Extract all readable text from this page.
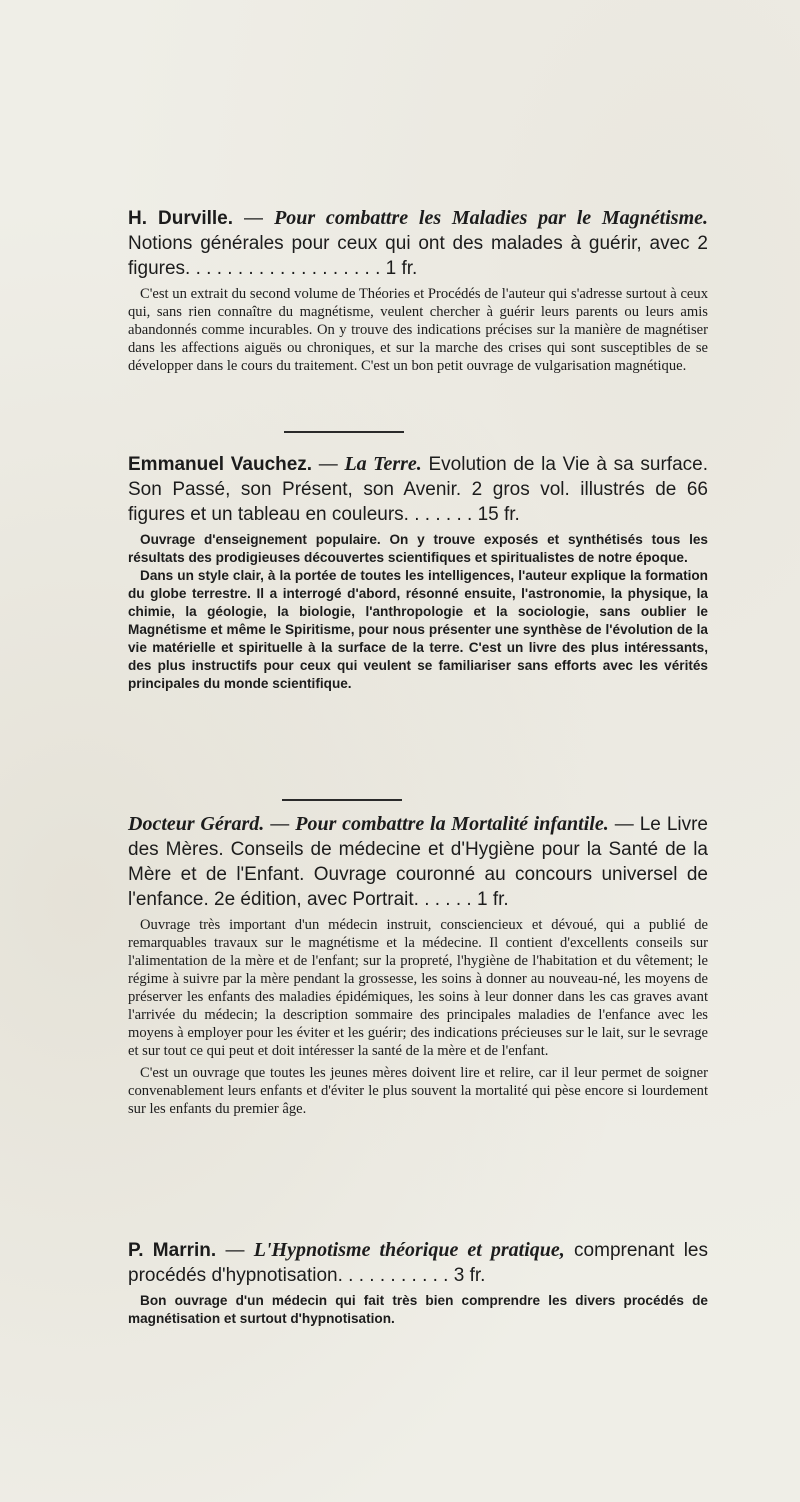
H. Durville. — Pour combattre les Maladies par le Magnétisme. Notions générales pour ceux qui ont des malades à guérir, avec 2 figures. . . . . . . . . . . . . . . . . . . 1 fr.

C'est un extrait du second volume de Théories et Procédés de l'auteur qui s'adresse surtout à ceux qui, sans rien connaître du magnétisme, veulent chercher à guérir leurs parents ou leurs amis abandonnés comme incurables. On y trouve des indications précises sur la manière de magnétiser dans les affections aiguës ou chroniques, et sur la marche des crises qui sont susceptibles de se développer dans le cours du traitement. C'est un bon petit ouvrage de vulgarisation magnétique.

Emmanuel Vauchez. — La Terre. Evolution de la Vie à sa surface. Son Passé, son Présent, son Avenir. 2 gros vol. illustrés de 66 figures et un tableau en couleurs. . . . . . . 15 fr.

Ouvrage d'enseignement populaire. On y trouve exposés et synthétisés tous les résultats des prodigieuses découvertes scientifiques et spiritualistes de notre époque.

Dans un style clair, à la portée de toutes les intelligences, l'auteur explique la formation du globe terrestre. Il a interrogé d'abord, résonné ensuite, l'astronomie, la physique, la chimie, la géologie, la biologie, l'anthropologie et la sociologie, sans oublier le Magnétisme et même le Spiritisme, pour nous présenter une synthèse de l'évolution de la vie matérielle et spirituelle à la surface de la terre. C'est un livre des plus intéressants, des plus instructifs pour ceux qui veulent se familiariser sans efforts avec les vérités principales du monde scientifique.

Docteur Gérard. — Pour combattre la Mortalité infantile. — Le Livre des Mères. Conseils de médecine et d'Hygiène pour la Santé de la Mère et de l'Enfant. Ouvrage couronné au concours universel de l'enfance. 2e édition, avec Portrait. . . . . . 1 fr.

Ouvrage très important d'un médecin instruit, consciencieux et dévoué, qui a publié de remarquables travaux sur le magnétisme et la médecine. Il contient d'excellents conseils sur l'alimentation de la mère et de l'enfant; sur la propreté, l'hygiène de l'habitation et du vêtement; le régime à suivre par la mère pendant la grossesse, les soins à donner au nouveau-né, les moyens de préserver les enfants des maladies épidémiques, les soins à leur donner dans les cas graves avant l'arrivée du médecin; la description sommaire des principales maladies de l'enfance avec les moyens à employer pour les éviter et les guérir; des indications précieuses sur le lait, sur le sevrage et sur tout ce qui peut et doit intéresser la santé de la mère et de l'enfant.

C'est un ouvrage que toutes les jeunes mères doivent lire et relire, car il leur permet de soigner convenablement leurs enfants et d'éviter le plus souvent la mortalité qui pèse encore si lourdement sur les enfants du premier âge.

P. Marrin. — L'Hypnotisme théorique et pratique, comprenant les procédés d'hypnotisation. . . . . . . . . . . 3 fr.

Bon ouvrage d'un médecin qui fait très bien comprendre les divers procédés de magnétisation et surtout d'hypnotisation.
